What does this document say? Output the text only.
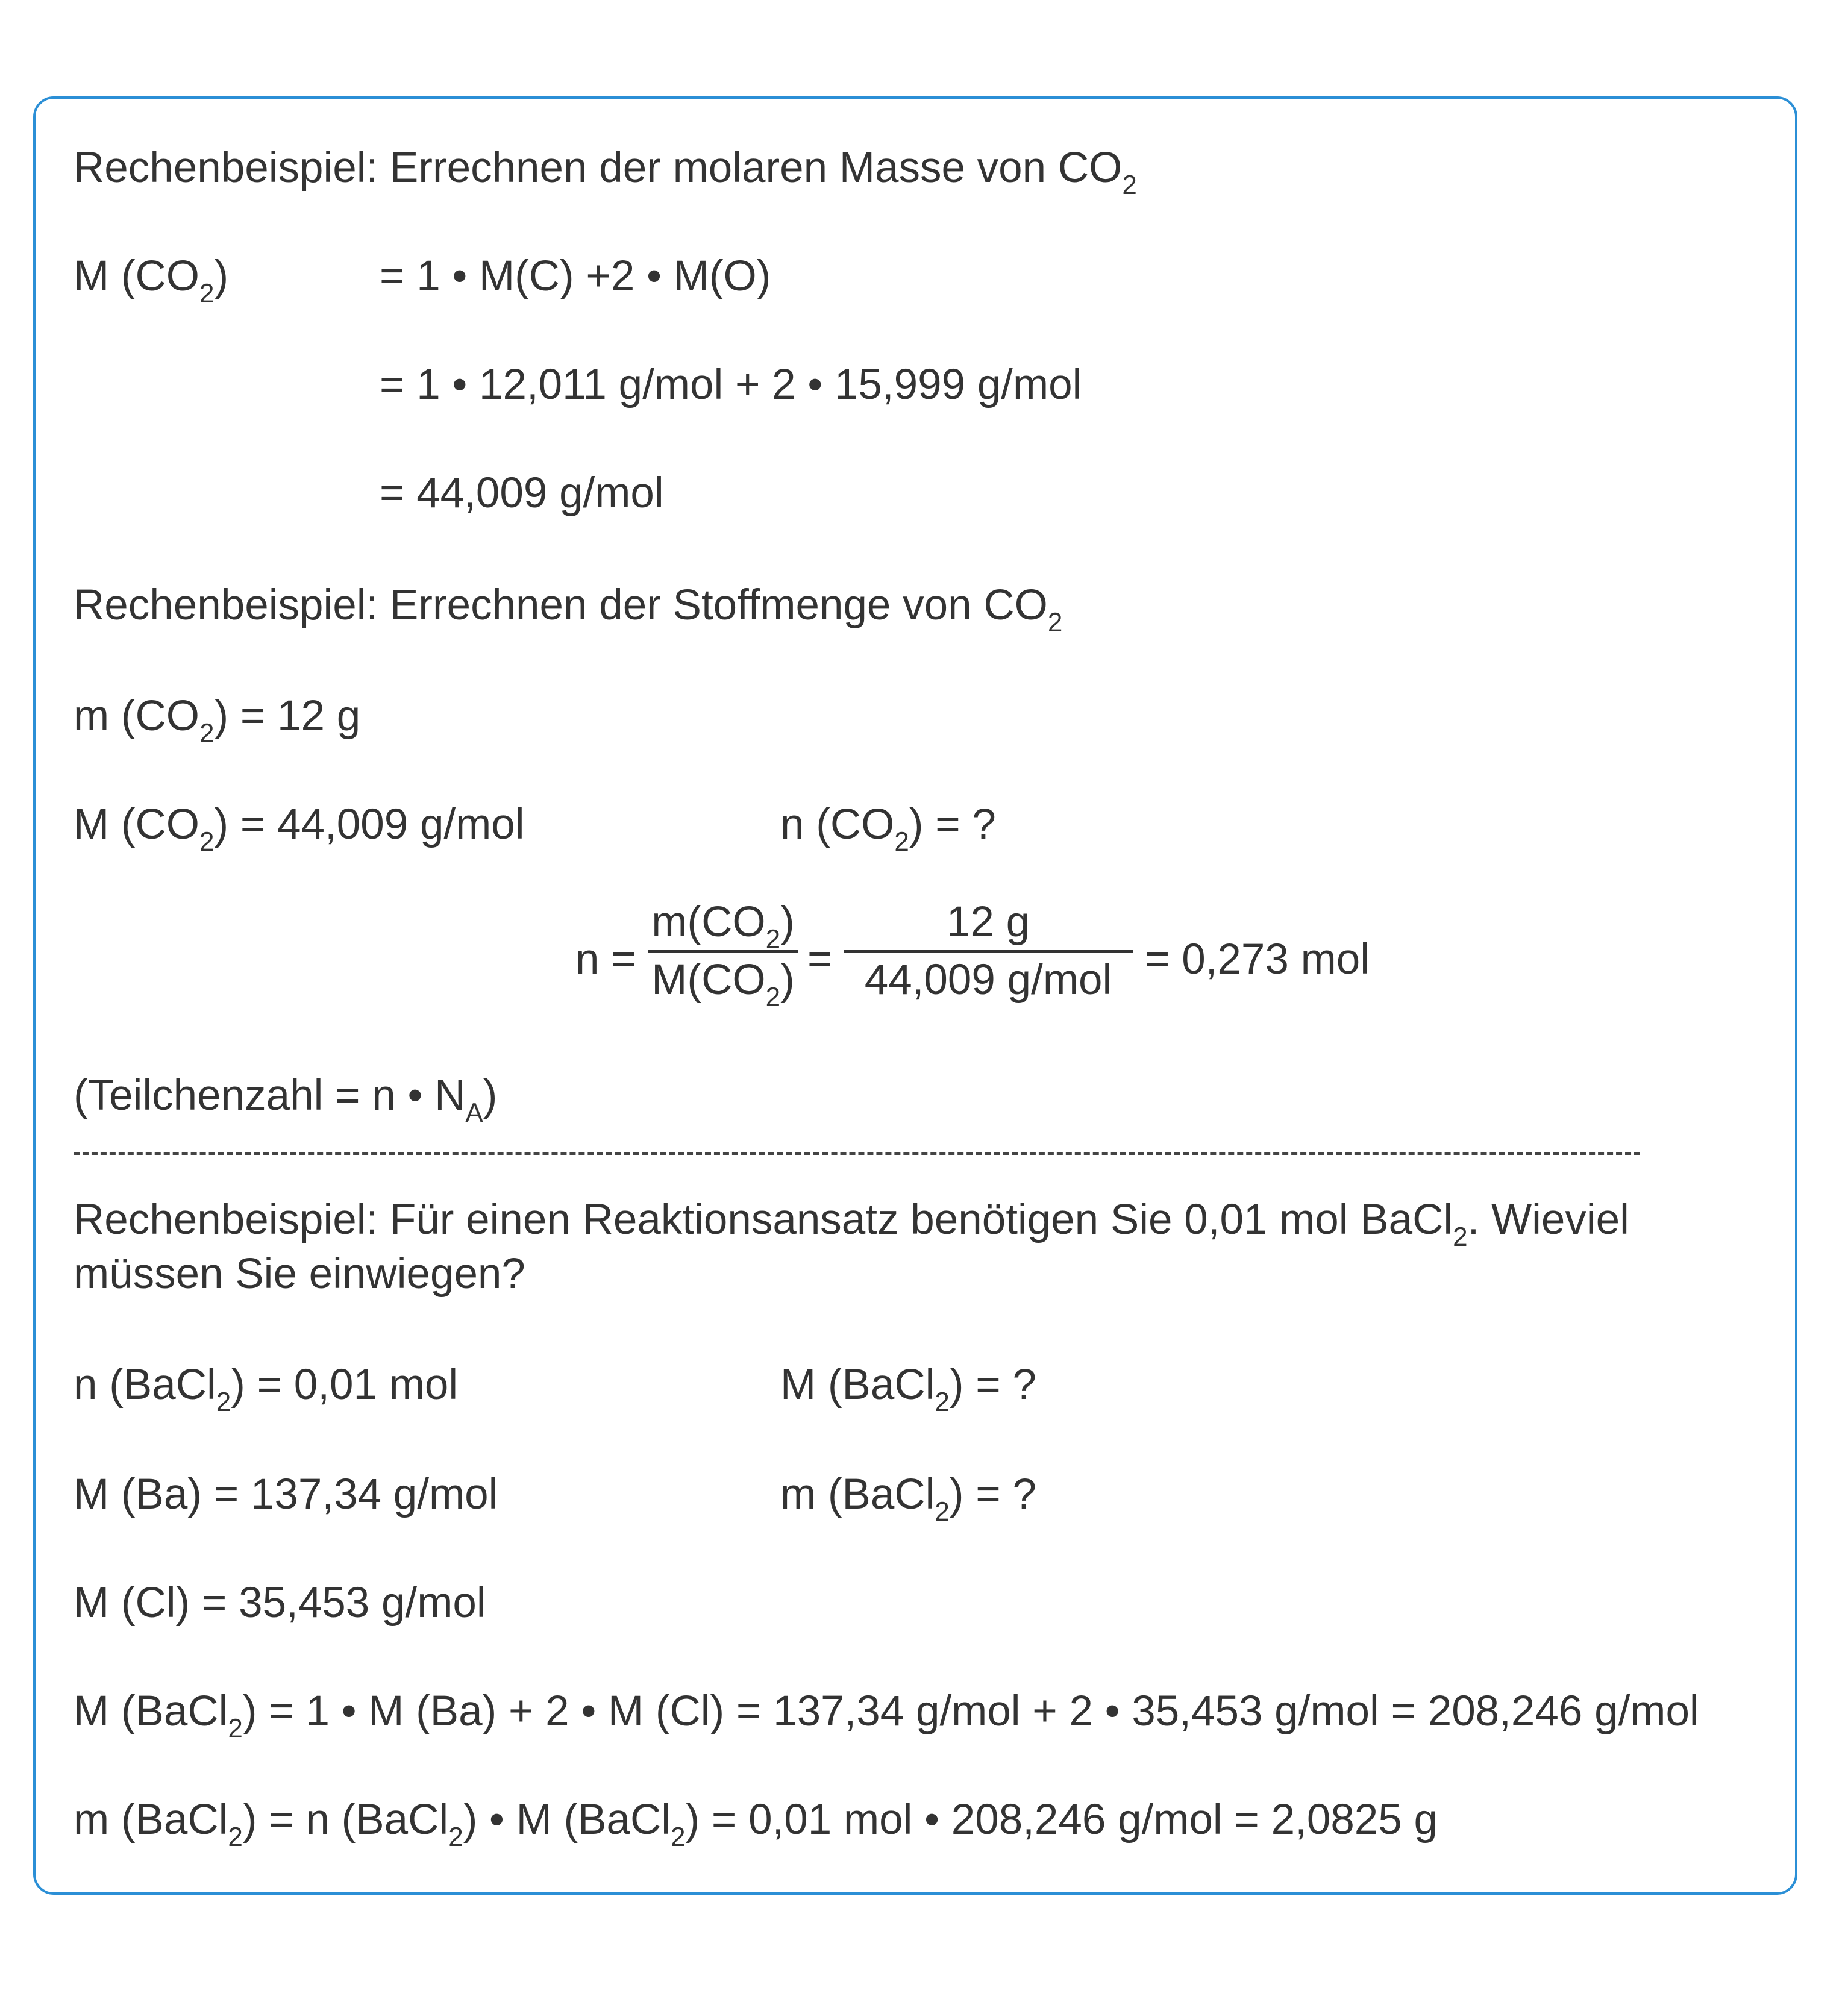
Rechenbeispiel: Errechnen der molaren Masse von $CO_2$
M $(CO_2)$	= 1 • M(C) +2 • M(O)
= 1 • 12,011 g/mol + 2 • 15,999 g/mol
= 44,009 g/mol
Rechenbeispiel: Errechnen der Stoffmenge von $CO_2$
m $(CO_2) = 12$ g
M $(CO_2) = 44,009$ g/mol	n $(CO_2)$ = ?
n =
$m(CO_2)$
$M(CO_2)$ =
12 g
44,009 g/mol = 0,273 mol
(Teilchenzahl = n • $N_A$)
Rechenbeispiel: Für einen Reaktionsansatz benötigen Sie 0,01 mol BaCl$_2$. Wieviel müssen Sie einwiegen?
n (BaCl$_2$) = 0,01 mol	M (BaCl$_2$) = ?
M (Ba) = 137,34 g/mol	m (BaCl$_2$) = ?
M (Cl) = 35,453 g/mol
M (BaCl$_2$) = 1 • M (Ba) + 2 • M (Cl) = 137,34 g/mol + 2 • 35,453 g/mol = 208,246 g/mol
m (BaCl$_2$) = n (BaCl$_2$) • M (BaCl$_2$) = 0,01 mol • 208,246 g/mol = 2,0825 g
